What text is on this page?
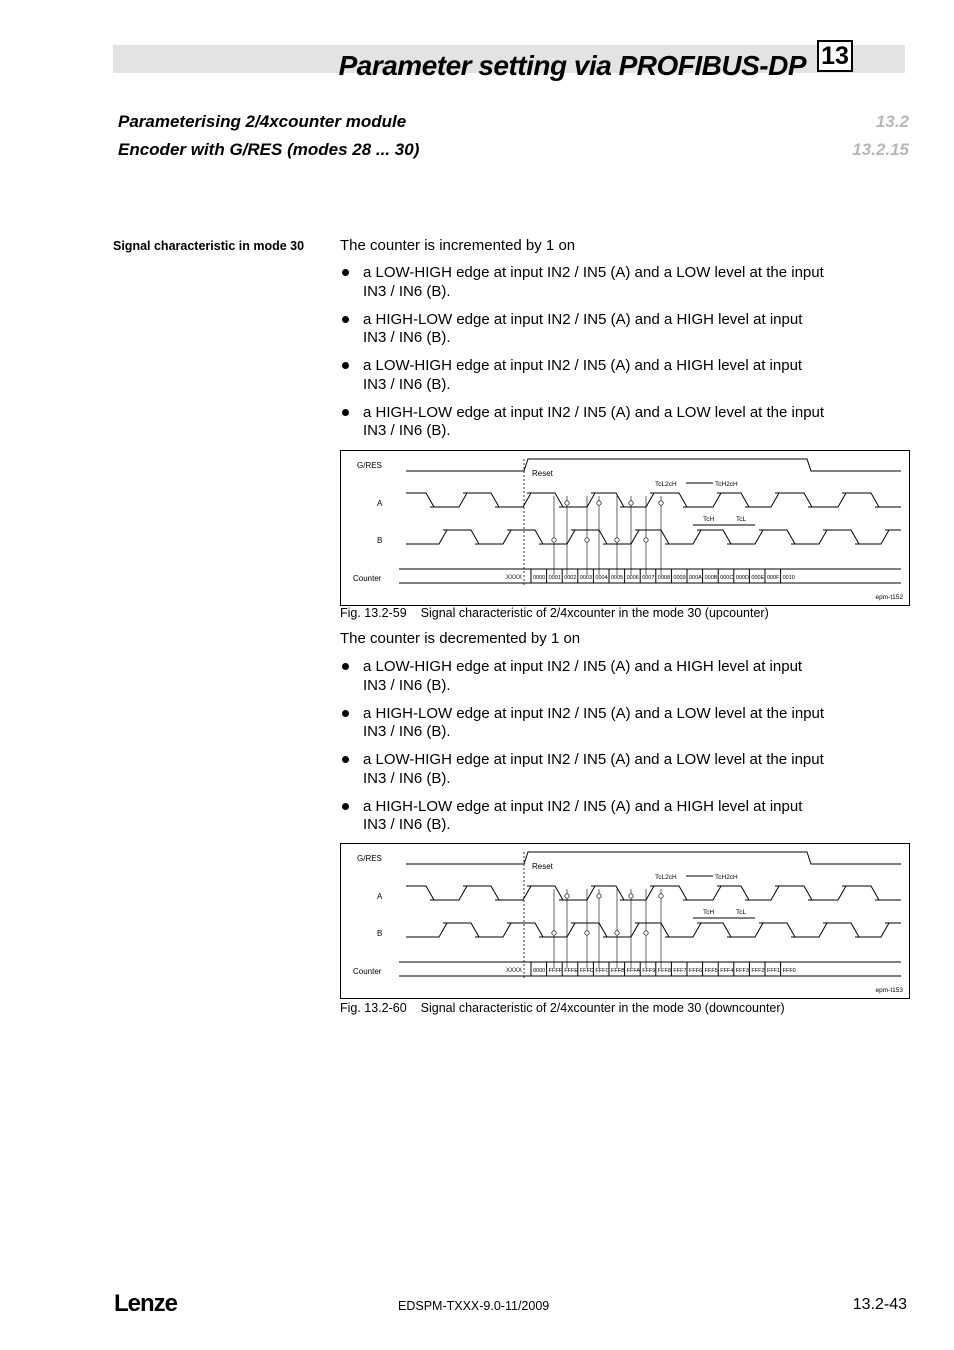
Parameter setting via PROFIBUS-DP 13
Parameterising 2/4xcounter module	13.2
Encoder with G/RES (modes 28 ... 30)	13.2.15
Signal characteristic in mode 30 The counter is incremented by 1 on
a LOW-HIGH edge at input IN2 / IN5 (A) and a LOW level at the input
IN3 / IN6 (B).
a HIGH-LOW edge at input IN2 / IN5 (A) and a HIGH level at input
IN3 / IN6 (B).
a LOW-HIGH edge at input IN2 / IN5 (A) and a HIGH level at input
IN3 / IN6 (B).
a HIGH-LOW edge at input IN2 / IN5 (A) and a LOW level at the input
IN3 / IN6 (B).
G/RES
A
B
Counter
Reset
TcL2cH	TcH2cH
TcH	TcL
XXXX 0000 0001 0002 0003 0004 0005 0006 0007 0008 0009 000A 000B 000C 000D 000E 000F 0010
epm-t152
Fig. 13.2-59 Signal characteristic of 2/4xcounter in the mode 30 (upcounter)
The counter is decremented by 1 on
a LOW-HIGH edge at input IN2 / IN5 (A) and a HIGH level at input
IN3 / IN6 (B).
a HIGH-LOW edge at input IN2 / IN5 (A) and a LOW level at the input
IN3 / IN6 (B).
a LOW-HIGH edge at input IN2 / IN5 (A) and a LOW level at the input
IN3 / IN6 (B).
a HIGH-LOW edge at input IN2 / IN5 (A) and a HIGH level at input
IN3 / IN6 (B).
G/RES
A
B
Counter
Reset
TcL2cH	TcH2cH
TcH	TcL
XXXX 0000 FFFF FFFE FFFD FFFC FFFB FFFA FFF9 FFF8 FFF7 FFF6 FFF5 FFF4 FFF3 FFF2 FFF1 FFF0
epm-t153
Fig. 13.2-60 Signal characteristic of 2/4xcounter in the mode 30 (downcounter)
Lenze	EDSPM-TXXX-9.0-11/2009	13.2-43
